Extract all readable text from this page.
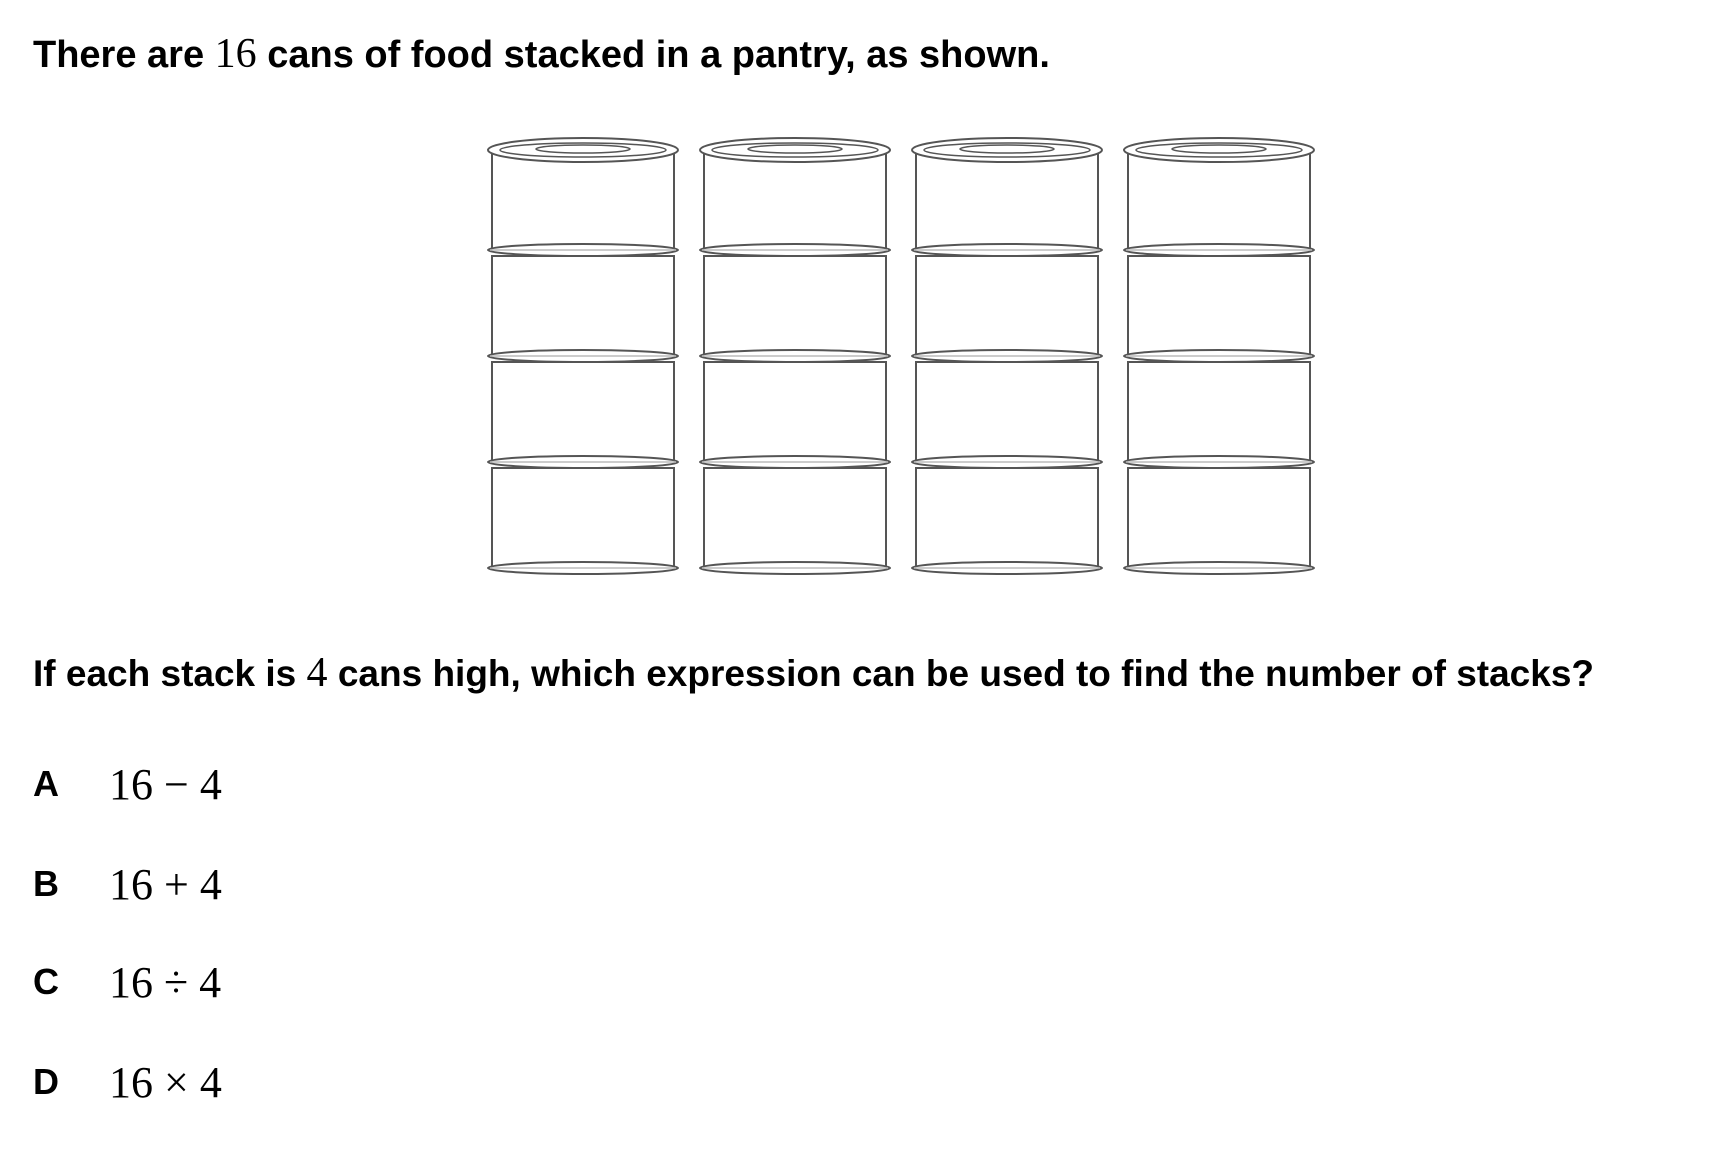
There are 16 cans of food stacked in a pantry, as shown.
If each stack is 4 cans high, which expression can be used to find the number of stacks?
A	16 − 4
B	16 + 4
C	16 ÷ 4
D	16 × 4
